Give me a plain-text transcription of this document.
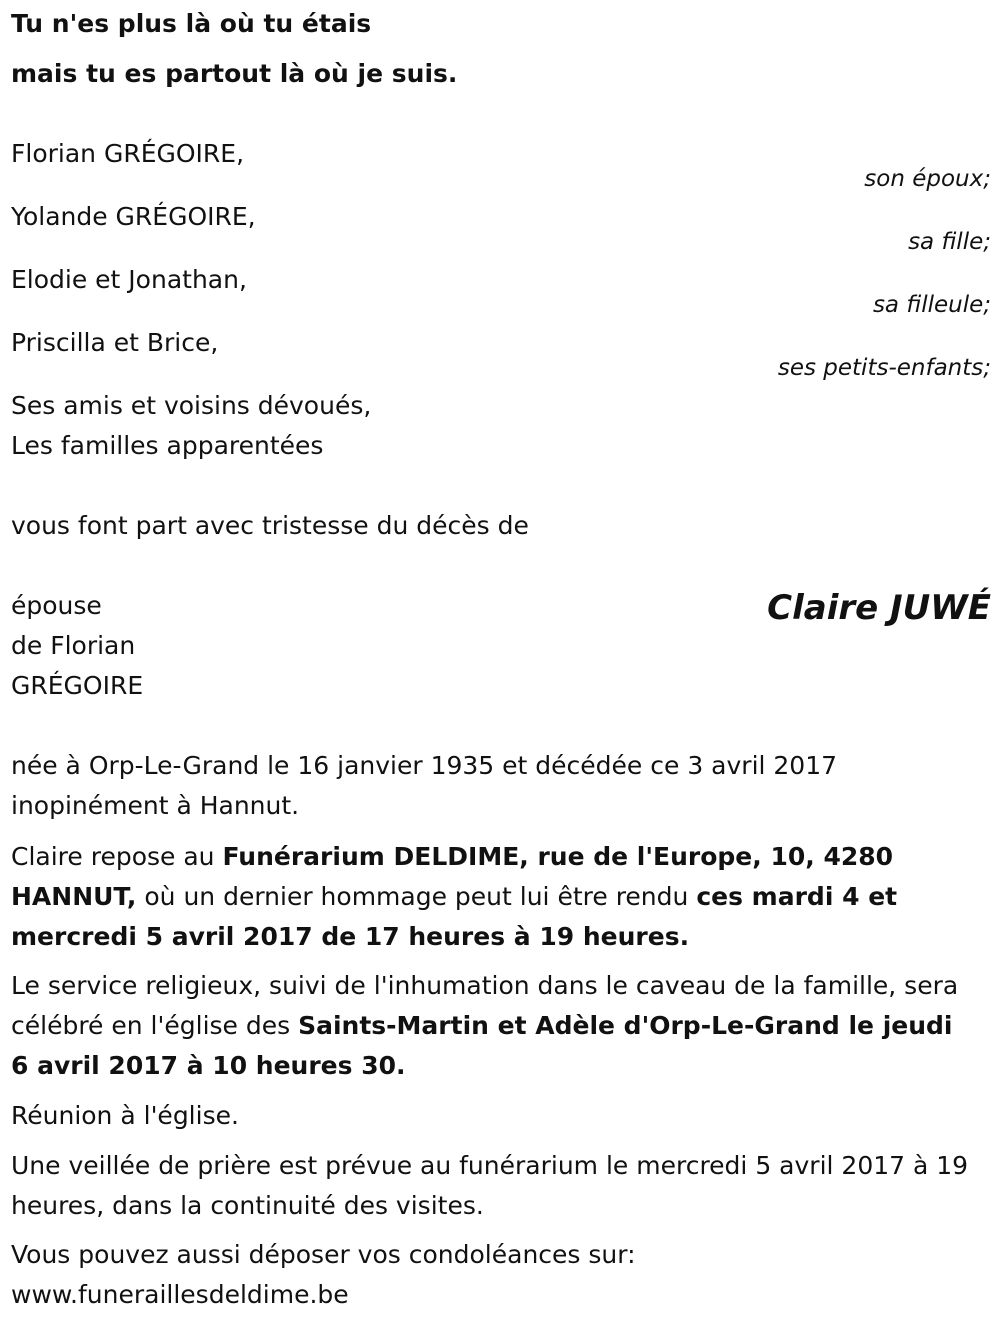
Tu n'es plus là où tu étais
mais tu es partout là où je suis.
Florian GRÉGOIRE,
son époux;
Yolande GRÉGOIRE,
sa fille;
Elodie et Jonathan,
sa filleule;
Priscilla et Brice,
ses petits-enfants;
Ses amis et voisins dévoués,
Les familles apparentées
vous font part avec tristesse du décès de
épouse
de Florian
GRÉGOIRE
Claire JUWÉ
née à Orp-Le-Grand le 16 janvier 1935 et décédée ce 3 avril 2017
inopinément à Hannut.
Claire repose au Funérarium DELDIME, rue de l'Europe, 10, 4280 HANNUT, où un dernier hommage peut lui être rendu ces mardi 4 et mercredi 5 avril 2017 de 17 heures à 19 heures.
Le service religieux, suivi de l'inhumation dans le caveau de la famille, sera célébré en l'église des Saints-Martin et Adèle d'Orp-Le-Grand le jeudi 6 avril 2017 à 10 heures 30.
Réunion à l'église.
Une veillée de prière est prévue au funérarium le mercredi 5 avril 2017 à 19 heures, dans la continuité des visites.
Vous pouvez aussi déposer vos condoléances sur:
www.funeraillesdeldime.be
